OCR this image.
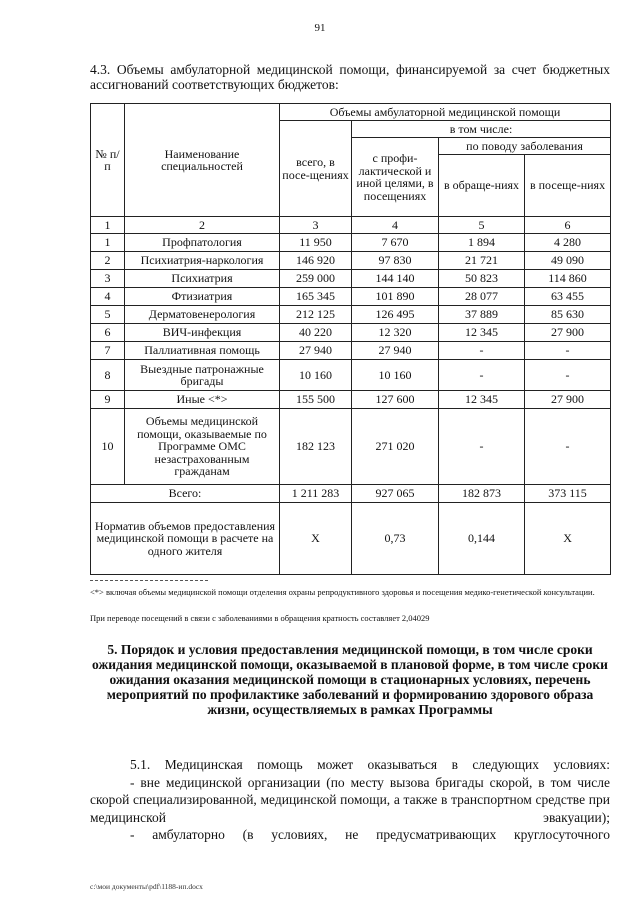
91
4.3. Объемы амбулаторной медицинской помощи, финансируемой за счет бюджетных ассигнований соответствующих бюджетов:
№ п/п	Наименование специальностей	Объемы амбулаторной медицинской помощи			
		всего, в посе-щениях	в том числе:		
			с профи-лактической и иной целями, в посещениях	по поводу заболевания	
				в обраще-ниях	в посеще-ниях
1	2	3	4	5	6
1	Профпатология	11 950	7 670	1 894	4 280
2	Психиатрия-наркология	146 920	97 830	21 721	49 090
3	Психиатрия	259 000	144 140	50 823	114 860
4	Фтизиатрия	165 345	101 890	28 077	63 455
5	Дерматовенерология	212 125	126 495	37 889	85 630
6	ВИЧ-инфекция	40 220	12 320	12 345	27 900
7	Паллиативная помощь	27 940	27 940	-	-
8	Выездные патронажные бригады	10 160	10 160	-	-
9	Иные <*>	155 500	127 600	12 345	27 900
10	Объемы медицинской помощи, оказываемые по Программе ОМС незастрахованным гражданам	182 123	271 020	-	-
Всего:		1 211 283	927 065	182 873	373 115
Норматив объемов предоставления медицинской помощи в расчете на одного жителя		Х	0,73	0,144	Х
<*> включая объемы медицинской помощи отделения охраны репродуктивного здоровья и посещения медико-генетической консультации.
При переводе посещений в связи с заболеваниями в обращения кратность составляет 2,04029
5. Порядок и условия предоставления медицинской помощи, в том числе сроки ожидания медицинской помощи, оказываемой в плановой форме, в том числе сроки ожидания оказания медицинской помощи в стационарных условиях, перечень мероприятий по профилактике заболеваний и формированию здорового образа жизни, осуществляемых в рамках Программы

5.1. Медицинская помощь может оказываться в следующих условиях:

- вне медицинской организации (по месту вызова бригады скорой, в том числе скорой специализированной, медицинской помощи, а также в транспортном средстве при медицинской эвакуации);

- амбулаторно (в условиях, не предусматривающих круглосуточного

c:\мои документы\pdf\1188-ип.docx
